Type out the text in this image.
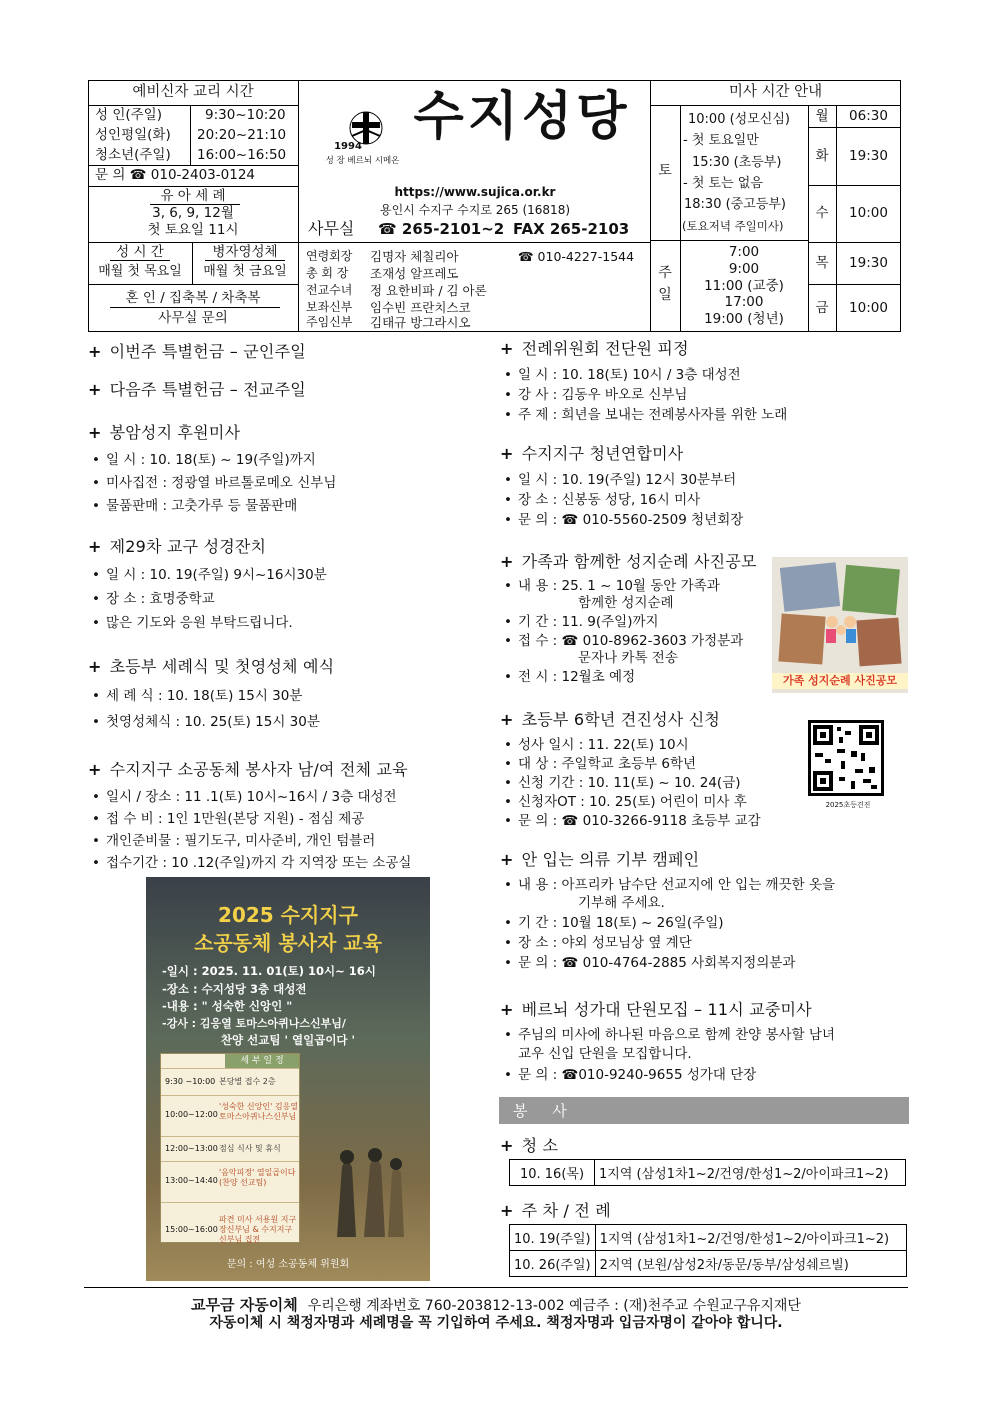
예비신자 교리 시간
성 인(주일)	9:30~10:20
성인평일(화) 20:20~21:10
청소년(주일) 16:00~16:50
문 의 ☎ 010-2403-0124
유 아 세 례
3, 6, 9, 12월
첫 토요일 11시
성 시 간
매월 첫 목요일
병자영성체
매월 첫 금요일
혼 인 / 집축복 / 차축복
사무실 문의
1994
성 장 베르뇌 시메온
수지성당
https://www.sujica.or.kr
용인시 수지구 수지로 265 (16818)
사무실 ☎ 265-2101~2 FAX 265-2103
연령회장 김명자 체칠리아	☎ 010-4227-1544
총 회 장 조재성 알프레도
전교수녀 정 요한비파 / 김 아론
보좌신부 임수빈 프란치스코
주임신부 김태규 방그라시오
미사 시간 안내
토
10:00 (성모신심)
- 첫 토요일만
15:30 (초등부)
- 첫 토는 없음
18:30 (중고등부)
(토요저녁 주일미사)
주일
7:00
9:00
11:00 (교중)
17:00
19:00 (청년)
월	06:30
화	19:30
수	10:00
목	19:30
금	10:00
+ 이번주 특별헌금 – 군인주일
+ 다음주 특별헌금 – 전교주일
+ 봉암성지 후원미사
• 일 시 : 10. 18(토) ~ 19(주일)까지
• 미사집전 : 정광열 바르톨로메오 신부님
• 물품판매 : 고춧가루 등 물품판매
+ 제29차 교구 성경잔치
• 일 시 : 10. 19(주일) 9시~16시30분
• 장 소 : 효명중학교
• 많은 기도와 응원 부탁드립니다.
+ 초등부 세례식 및 첫영성체 예식
• 세 례 식 : 10. 18(토) 15시 30분
• 첫영성체식 : 10. 25(토) 15시 30분
+ 수지지구 소공동체 봉사자 남/여 전체 교육
• 일시 / 장소 : 11 .1(토) 10시~16시 / 3층 대성전
• 접 수 비 : 1인 1만원(본당 지원) - 점심 제공
• 개인준비물 : 필기도구, 미사준비, 개인 텀블러
• 접수기간 : 10 .12(주일)까지 각 지역장 또는 소공실
2025 수지지구
소공동체 봉사자 교육
-일시 : 2025. 11. 01(토) 10시~ 16시
-장소 : 수지성당 3층 대성전
-내용 : " 성숙한 신앙인 "
-강사 : 김응열 토마스아퀴나스신부님/
찬양 선교팀 ' 열일곱이다 '
세 부 일 정
9:30 ~10:00 본당별 접수 2층
10:00~12:00
'성숙한 신앙인' 김응열 토마스아퀴나스신부님
12:00~13:00 점심 식사 및 휴식
13:00~14:40
'음악피정' 열일곱이다 (찬양 선교팀)
15:00~16:00
파견 미사 서용원 지구장신부님 & 수지지구 신부님 집전
문의 : 여성 소공동체 위원회
+ 전례위원회 전단원 피정
• 일 시 : 10. 18(토) 10시 / 3층 대성전
• 강 사 : 김동우 바오로 신부님
• 주 제 : 희년을 보내는 전례봉사자를 위한 노래
+ 수지지구 청년연합미사
• 일 시 : 10. 19(주일) 12시 30분부터
• 장 소 : 신봉동 성당, 16시 미사
• 문 의 : ☎ 010-5560-2509 청년회장
+ 가족과 함께한 성지순례 사진공모
• 내 용 : 25. 1 ~ 10월 동안 가족과
함께한 성지순례
• 기 간 : 11. 9(주일)까지
• 접 수 : ☎ 010-8962-3603 가정분과
문자나 카톡 전송
• 전 시 : 12월초 예정	가족 성지순례 사진공모
+ 초등부 6학년 견진성사 신청
• 성사 일시 : 11. 22(토) 10시
• 대 상 : 주일학교 초등부 6학년
• 신청 기간 : 10. 11(토) ~ 10. 24(금)
• 신청자OT : 10. 25(토) 어린이 미사 후
• 문 의 : ☎ 010-3266-9118 초등부 교감
2025초등견진
+ 안 입는 의류 기부 캠페인
• 내 용 : 아프리카 남수단 선교지에 안 입는 깨끗한 옷을
기부해 주세요.
• 기 간 : 10월 18(토) ~ 26일(주일)
• 장 소 : 야외 성모님상 옆 계단
• 문 의 : ☎ 010-4764-2885 사회복지정의분과
+ 베르뇌 성가대 단원모집 – 11시 교중미사
• 주님의 미사에 하나된 마음으로 함께 찬양 봉사할 남녀
교우 신입 단원을 모집합니다.
• 문 의 : ☎010-9240-9655 성가대 단장
봉 사
+ 청 소
10. 16(목)	1지역 (삼성1차1~2/건영/한성1~2/아이파크1~2)
+ 주 차 / 전 례
10. 19(주일)	1지역 (삼성1차1~2/건영/한성1~2/아이파크1~2)
10. 26(주일)	2지역 (보원/삼성2차/동문/동부/삼성쉐르빌)
교무금 자동이체 우리은행 계좌번호 760-203812-13-002 예금주 : (재)천주교 수원교구유지재단
자동이체 시 책정자명과 세례명을 꼭 기입하여 주세요. 책정자명과 입금자명이 같아야 합니다.
